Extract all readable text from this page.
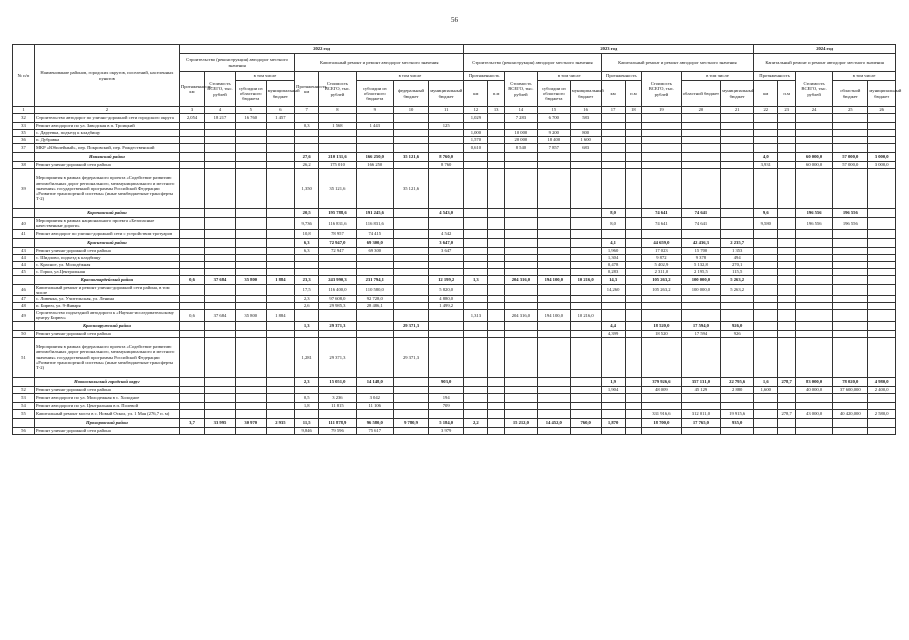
56
№ п/п	Наименование районов, городских округов, поселений, населенных пунктов	2022 год									2023 год										2024 год				
		Строительство (реконструкция) автодорог местного значения				Капитальный ремонт и ремонт автодорог местного значения					Строительство (реконструкция) автодорог местного значения					Капитальный ремонт и ремонт автодорог местного значения					Капитальный ремонт и ремонт автодорог местного значения				
		Протяженность, км	Стоимость ВСЕГО, тыс. рублей	в том числе		Протяженность, км	Стоимость ВСЕГО, тыс. рублей	в том числе			Протяженность		Стоимость ВСЕГО, тыс. рублей	в том числе		Протяженность		Стоимость ВСЕГО, тыс. рублей	в том числе		Протяженность		Стоимость ВСЕГО, тыс. рублей	в том числе	
				субсидии из областного бюджета	муниципальный бюджет			субсидии из областного бюджета	федеральный бюджет	муниципальный бюджет	км	п.м		субсидии из областного бюджета	муниципальный бюджет	км	п.м		областной бюджет	муниципальный бюджет	км	п.м		областной бюджет	муниципальный бюджет
1	2	3	4	5	6	7	8	9	10	11	12	13	14	15	16	17	18	19	20	21	22	23	24	25	26
32	Строительство автодорог по улично-дорожной сети городского округа	2,054	18 217	16 760	1 457						1,029		7 283	6 700	583										
33	Ремонт автодороги по ул. Заводская в п. Троицкий					0,3	1 568	1 443		125															
35	с. Даруевка, подъезд к кладбищу										1,000		10 000	9 200	800										
36	п. Дубравка										1,570		20 000	18 400	1 600										
37	МКР «Юбилейный», пер. Покровский, пер. Рождественский										0,610		8 540	7 857	683										
	Ивнянский район					27,6	210 131,6	166 250,0	35 121,6	8 760,0											4,0		60 000,0	57 000,0	3 000,0
38	Ремонт улично-дорожной сети района					26,2	175 010	166 250		8 760											3,931		60 000,0	57 000,0	3 000,0
39	Мероприятия в рамках федерального проекта «Содействие развитию автомобильных дорог регионального, межмуниципального и местного значения» государственной программы Российской Федерации «Развитие транспортной системы» (иные межбюджетные трансферты Т-2)					1,350	35 121,6		35 121,6																
	Корочанский район					20,5	195 788,6	191 245,6		4 543,0						8,0		74 641	74 641		9,6		196 556	196 556	
40	Мероприятия в рамках национального проекта «Безопасные качественные дороги»					9,736	116 831,6	116 831,6								8,0		74 641	74 641		9,580		196 556	196 556	
41	Ремонт автодорог по улично-дорожной сети с устройством тротуаров					10,8	78 957	74 415		4 542															
	Красненский район					6,3	72 947,0	69 300,0		3 647,0						4,1		44 659,0	42 436,3	2 235,7					
43	Ремонт улично-дорожной сети района					6,3	72 947	69 300		3 647						1,960		17 023	15 700	1 353					
44	с. Шидлово, подъезд к кладбищу															1,304		9 872	9 378	494					
44	с. Красное, ул. Молодёжная															0,478		5 402,9	5 132,8	270,1					
45	с. Горки, ул.Центральная															0,283		2 311,0	2 195,5	115,5					
	Красногвардейский район	0,6	37 684	35 800	1 884	23,3	243 990,3	231 794,1		12 199,2	1,3		204 316,0	194 100,0	10 216,0	14,3		105 263,2	100 000,0	5 263,2					
46	Капитальный ремонт и ремонт улично-дорожной сети района, в том числе					17,5	116 400,0	110 580,0		5 820,0						14,260		105 263,2	100 000,0	5 263,2					
47	с. Ливенка, ул. Учительская, ул. Ленина					2,3	97 608,0	92 728,0		4 880,0															
48	п. Бирюч, ул. 9-Января					2,6	29 985,3	28 486,1		1 499,2															
49	Строительство подъездной автодороги к «Научно-исследовательскому центру Бирюч»	0,6	37 684	35 800	1 884						1,313		204 316,0	194 100,0	10 216,0										
	Краснояружский район					1,3	29 371,3		29 371,3							4,4		18 520,0	17 594,0	926,0					
50	Ремонт улично-дорожной сети района															4,399		18 520	17 594	926					
51	Мероприятия в рамках федерального проекта «Содействие развитию автомобильных дорог регионального, межмуниципального и местного значения» государственной программы Российской Федерации «Развитие транспортной системы» (иные межбюджетные трансферты Т-2)					1,281	29 371,3		29 371,3																
	Новооскольский городской округ					2,3	15 051,0	14 148,0		903,0						1,9		379 926,6	357 131,0	22 795,6	1,6	278,7	83 000,0	78 020,0	4 980,0
52	Ремонт улично-дорожной сети района															1,904		48 009	45 129	2 880	1,600		40 000,0	37 600,000	2 400,0
53	Ремонт автодороги по ул. Молодежная в с. Холодное					0,5	3 236	3 042		194															
54	Ремонт автодороги по ул. Центральная в п. Полевой					1,8	11 815	11 106		709															
55	Капитальный ремонт моста в с. Новый Оскол, ул. 1 Мая (276,7 п. м)																	331 916,6	312 011,0	19 915,6		278,7	43 000,0	40 420,000	2 580,0
	Прохоровский район	3,7	33 995	30 970	2 935	11,5	111 878,9	96 580,0	9 780,9	5 184,0	2,2		15 212,0	14 452,0	760,0	1,870		18 700,0	17 765,0	935,0					
56	Ремонт улично-дорожной сети района					9,846	79 596	75 617		3 979															
